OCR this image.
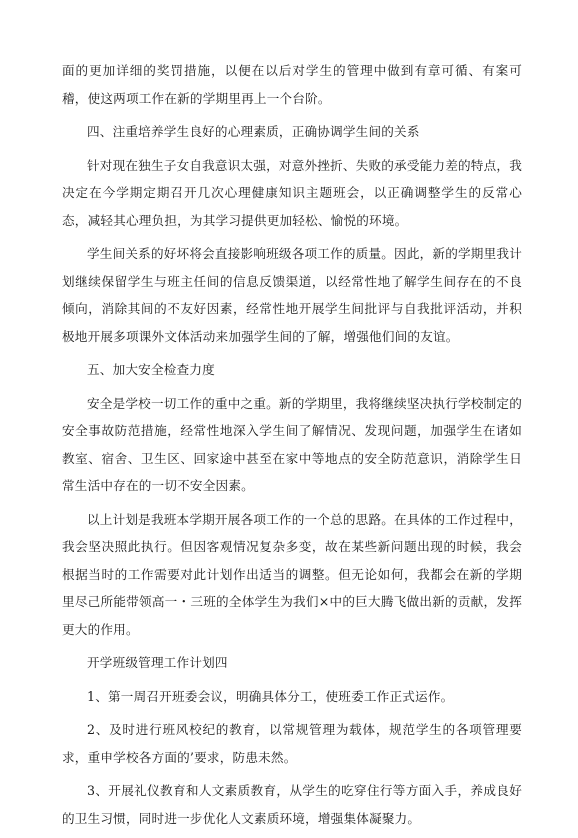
面的更加详细的奖罚措施，以便在以后对学生的管理中做到有章可循、有案可稽，使这两项工作在新的学期里再上一个台阶。

四、注重培养学生良好的心理素质，正确协调学生间的关系

针对现在独生子女自我意识太强，对意外挫折、失败的承受能力差的特点，我决定在今学期定期召开几次心理健康知识主题班会，以正确调整学生的反常心态，减轻其心理负担，为其学习提供更加轻松、愉悦的环境。

学生间关系的好坏将会直接影响班级各项工作的质量。因此，新的学期里我计划继续保留学生与班主任间的信息反馈渠道，以经常性地了解学生间存在的不良倾向，消除其间的不友好因素，经常性地开展学生间批评与自我批评活动，并积极地开展多项课外文体活动来加强学生间的了解，增强他们间的友谊。

五、加大安全检查力度

安全是学校一切工作的重中之重。新的学期里，我将继续坚决执行学校制定的安全事故防范措施，经常性地深入学生间了解情况、发现问题，加强学生在诸如教室、宿舍、卫生区、回家途中甚至在家中等地点的安全防范意识，消除学生日常生活中存在的一切不安全因素。

以上计划是我班本学期开展各项工作的一个总的思路。在具体的工作过程中，我会坚决照此执行。但因客观情况复杂多变，故在某些新问题出现的时候，我会根据当时的工作需要对此计划作出适当的调整。但无论如何，我都会在新的学期里尽己所能带领高一・三班的全体学生为我们×中的巨大腾飞做出新的贡献，发挥更大的作用。

开学班级管理工作计划四

1、第一周召开班委会议，明确具体分工，使班委工作正式运作。

2、及时进行班风校纪的教育，以常规管理为载体，规范学生的各项管理要求，重申学校各方面的’要求，防患未然。

3、开展礼仪教育和人文素质教育，从学生的吃穿住行等方面入手，养成良好的卫生习惯，同时进一步优化人文素质环境，增强集体凝聚力。
